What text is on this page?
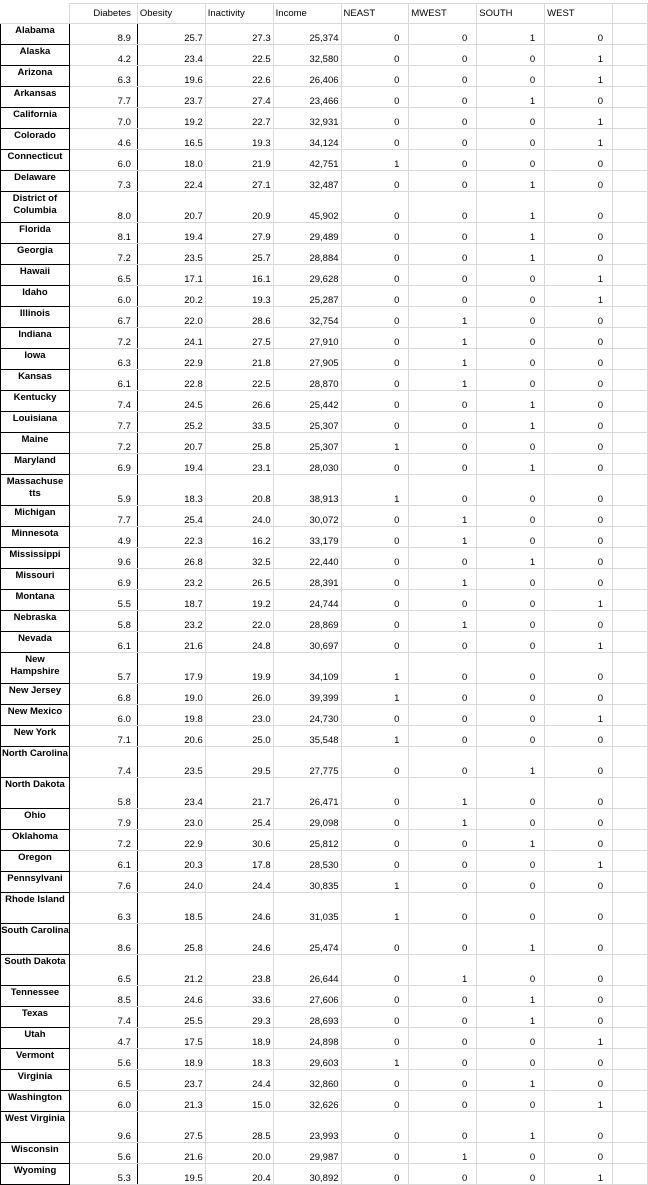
	Diabetes	Obesity	Inactivity	Income	NEAST	MWEST	SOUTH	WEST	
Alabama	8.9	25.7	27.3	25,374	0	0	1	0	
Alaska	4.2	23.4	22.5	32,580	0	0	0	1	
Arizona	6.3	19.6	22.6	26,406	0	0	0	1	
Arkansas	7.7	23.7	27.4	23,466	0	0	1	0	
California	7.0	19.2	22.7	32,931	0	0	0	1	
Colorado	4.6	16.5	19.3	34,124	0	0	0	1	
Connecticut	6.0	18.0	21.9	42,751	1	0	0	0	
Delaware	7.3	22.4	27.1	32,487	0	0	1	0	
District of Columbia	8.0	20.7	20.9	45,902	0	0	1	0	
Florida	8.1	19.4	27.9	29,489	0	0	1	0	
Georgia	7.2	23.5	25.7	28,884	0	0	1	0	
Hawaii	6.5	17.1	16.1	29,628	0	0	0	1	
Idaho	6.0	20.2	19.3	25,287	0	0	0	1	
Illinois	6.7	22.0	28.6	32,754	0	1	0	0	
Indiana	7.2	24.1	27.5	27,910	0	1	0	0	
Iowa	6.3	22.9	21.8	27,905	0	1	0	0	
Kansas	6.1	22.8	22.5	28,870	0	1	0	0	
Kentucky	7.4	24.5	26.6	25,442	0	0	1	0	
Louisiana	7.7	25.2	33.5	25,307	0	0	1	0	
Maine	7.2	20.7	25.8	25,307	1	0	0	0	
Maryland	6.9	19.4	23.1	28,030	0	0	1	0	
Massachuse tts	5.9	18.3	20.8	38,913	1	0	0	0	
Michigan	7.7	25.4	24.0	30,072	0	1	0	0	
Minnesota	4.9	22.3	16.2	33,179	0	1	0	0	
Mississippi	9.6	26.8	32.5	22,440	0	0	1	0	
Missouri	6.9	23.2	26.5	28,391	0	1	0	0	
Montana	5.5	18.7	19.2	24,744	0	0	0	1	
Nebraska	5.8	23.2	22.0	28,869	0	1	0	0	
Nevada	6.1	21.6	24.8	30,697	0	0	0	1	
New Hampshire	5.7	17.9	19.9	34,109	1	0	0	0	
New Jersey	6.8	19.0	26.0	39,399	1	0	0	0	
New Mexico	6.0	19.8	23.0	24,730	0	0	0	1	
New York	7.1	20.6	25.0	35,548	1	0	0	0	
North Carolina	7.4	23.5	29.5	27,775	0	0	1	0	
North Dakota	5.8	23.4	21.7	26,471	0	1	0	0	
Ohio	7.9	23.0	25.4	29,098	0	1	0	0	
Oklahoma	7.2	22.9	30.6	25,812	0	0	1	0	
Oregon	6.1	20.3	17.8	28,530	0	0	0	1	
Pennsylvani	7.6	24.0	24.4	30,835	1	0	0	0	
Rhode Island	6.3	18.5	24.6	31,035	1	0	0	0	
South Carolina	8.6	25.8	24.6	25,474	0	0	1	0	
South Dakota	6.5	21.2	23.8	26,644	0	1	0	0	
Tennessee	8.5	24.6	33.6	27,606	0	0	1	0	
Texas	7.4	25.5	29.3	28,693	0	0	1	0	
Utah	4.7	17.5	18.9	24,898	0	0	0	1	
Vermont	5.6	18.9	18.3	29,603	1	0	0	0	
Virginia	6.5	23.7	24.4	32,860	0	0	1	0	
Washington	6.0	21.3	15.0	32,626	0	0	0	1	
West Virginia	9.6	27.5	28.5	23,993	0	0	1	0	
Wisconsin	5.6	21.6	20.0	29,987	0	1	0	0	
Wyoming	5.3	19.5	20.4	30,892	0	0	0	1	
